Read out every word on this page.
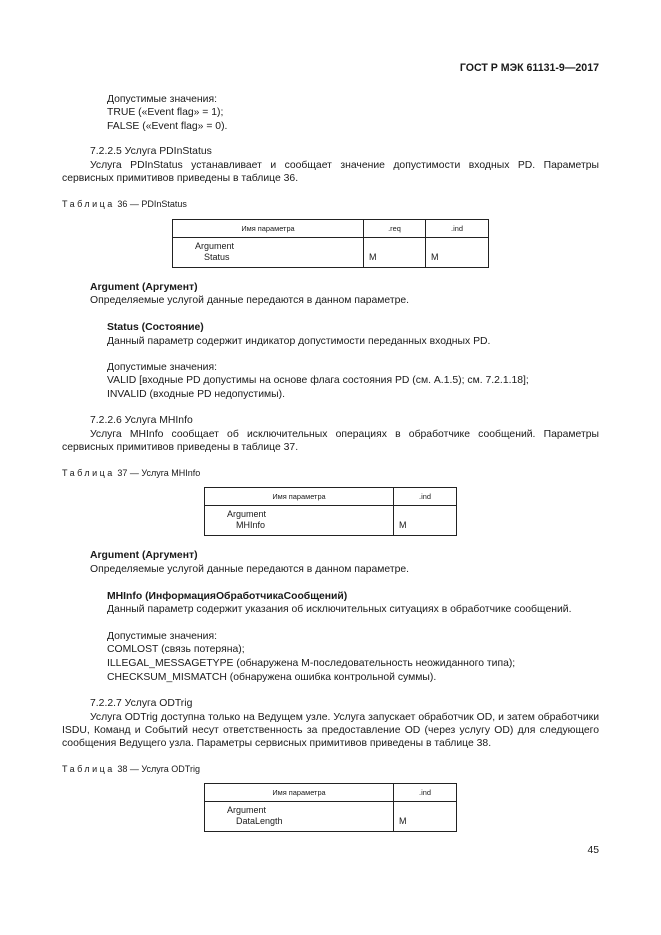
ГОСТ Р МЭК 61131-9—2017
Допустимые значения:
TRUE («Event flag» = 1);
FALSE («Event flag» = 0).
7.2.2.5 Услуга PDInStatus
Услуга PDInStatus устанавливает и сообщает значение допустимости входных PD. Параметры сервисных примитивов приведены в таблице 36.
Таблица 36 — PDInStatus
Имя параметра	.req	.ind

Argument
Status	M	M
Argument (Аргумент)
Определяемые услугой данные передаются в данном параметре.
Status (Состояние)
Данный параметр содержит индикатор допустимости переданных входных PD.
Допустимые значения:
VALID [входные PD допустимы на основе флага состояния PD (см. А.1.5); см. 7.2.1.18];
INVALID (входные PD недопустимы).
7.2.2.6 Услуга MHInfo
Услуга MHInfo сообщает об исключительных операциях в обработчике сообщений. Параметры сервисных примитивов приведены в таблице 37.
Таблица 37 — Услуга MHInfo
Имя параметра	.ind

Argument
MHInfo	M
Argument (Аргумент)
Определяемые услугой данные передаются в данном параметре.
MHInfo (ИнформацияОбработчикаСообщений)
Данный параметр содержит указания об исключительных ситуациях в обработчике сообщений.
Допустимые значения:
COMLOST (связь потеряна);
ILLEGAL_MESSAGETYPE (обнаружена M-последовательность неожиданного типа);
CHECKSUM_MISMATCH (обнаружена ошибка контрольной суммы).
7.2.2.7 Услуга ODTrig
Услуга ODTrig доступна только на Ведущем узле. Услуга запускает обработчик OD, и затем обработчики ISDU, Команд и Событий несут ответственность за предоставление OD (через услугу OD) для следующего сообщения Ведущего узла. Параметры сервисных примитивов приведены в таблице 38.
Таблица 38 — Услуга ODTrig
Имя параметра	.ind

Argument
DataLength	M
45
